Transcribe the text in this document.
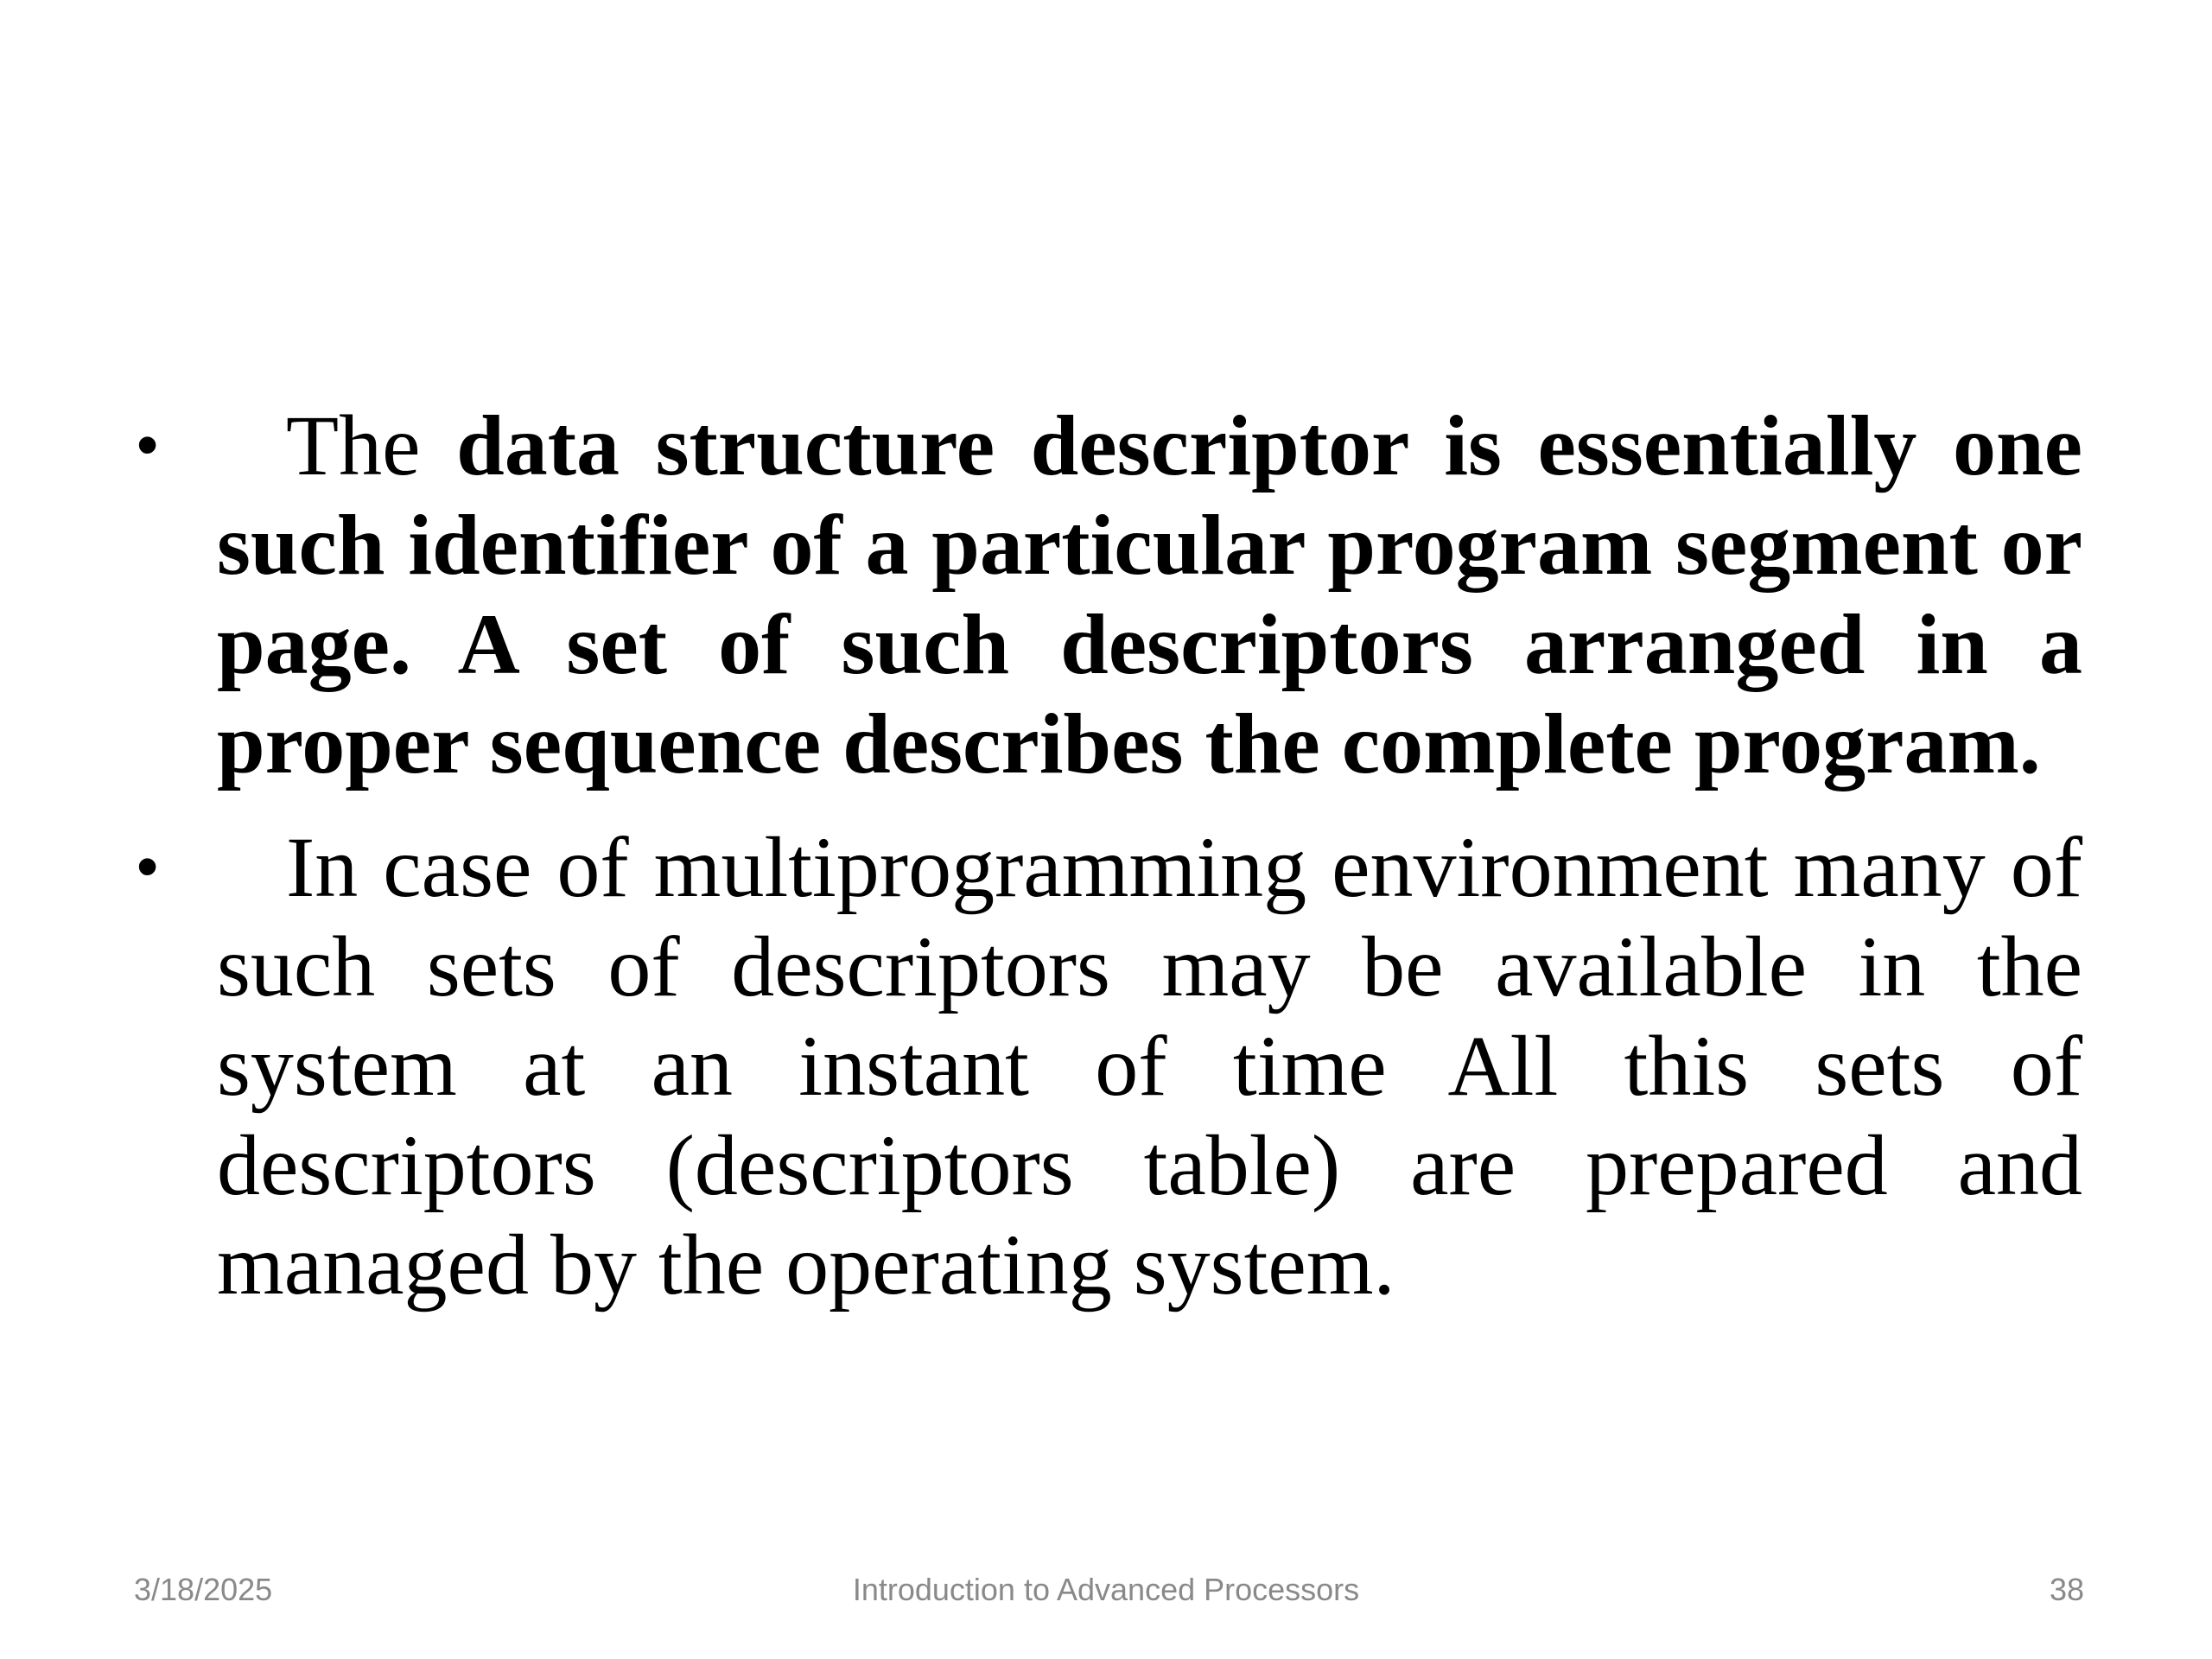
•	The data structure descriptor is essentially one such identifier of a particular program segment or page. A set of such descriptors arranged in a proper sequence describes the complete program.
•	In case of multiprogramming environment many of such sets of descriptors may be available in the system at an instant of time All this sets of descriptors (descriptors table) are prepared and managed by the operating system.
3/18/2025	Introduction to Advanced Processors	38
